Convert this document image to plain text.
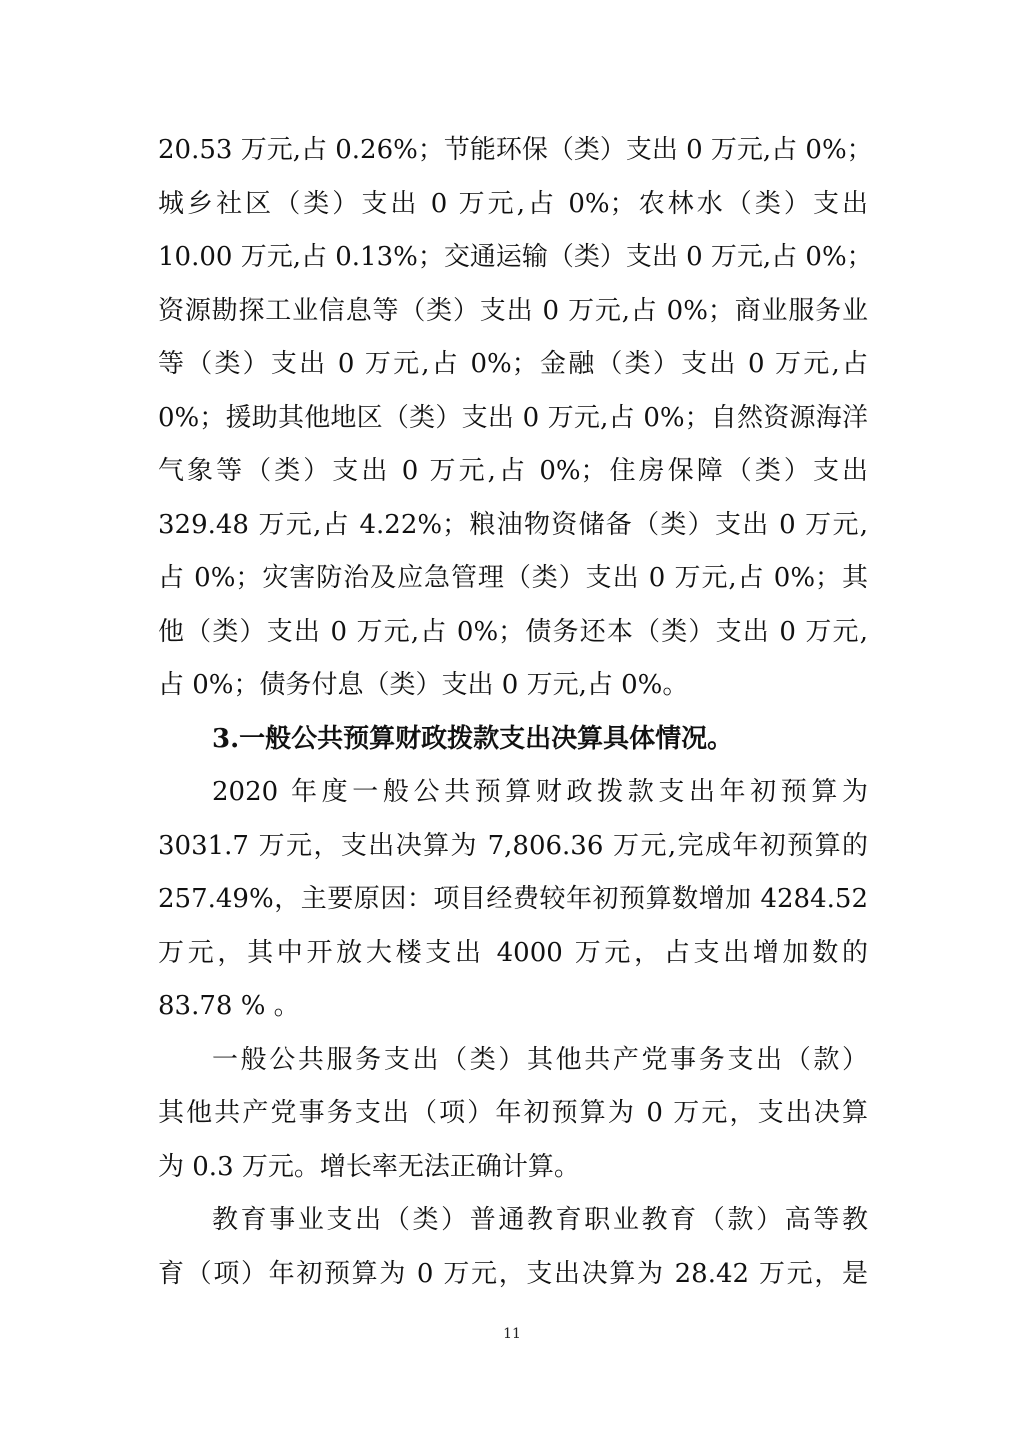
20.53 万元,占 0.26%；节能环保（类）支出 0 万元,占 0%；
城乡社区（类）支出 0 万元,占 0%；农林水（类）支出
10.00 万元,占 0.13%；交通运输（类）支出 0 万元,占 0%；
资源勘探工业信息等（类）支出 0 万元,占 0%；商业服务业
等（类）支出 0 万元,占 0%；金融（类）支出 0 万元,占
0%；援助其他地区（类）支出 0 万元,占 0%；自然资源海洋
气象等（类）支出 0 万元,占 0%；住房保障（类）支出
329.48 万元,占 4.22%；粮油物资储备（类）支出 0 万元,
占 0%；灾害防治及应急管理（类）支出 0 万元,占 0%；其
他（类）支出 0 万元,占 0%；债务还本（类）支出 0 万元,
占 0%；债务付息（类）支出 0 万元,占 0%。
3.一般公共预算财政拨款支出决算具体情况。
2020 年度一般公共预算财政拨款支出年初预算为
3031.7 万元，支出决算为 7,806.36 万元,完成年初预算的
257.49%，主要原因：项目经费较年初预算数增加 4284.52
万元，其中开放大楼支出 4000 万元，占支出增加数的
83.78 % 。
一般公共服务支出（类）其他共产党事务支出（款）
其他共产党事务支出（项）年初预算为 0 万元，支出决算
为 0.3 万元。增长率无法正确计算。
教育事业支出（类）普通教育职业教育（款）高等教
育（项）年初预算为 0 万元，支出决算为 28.42 万元，是
11
